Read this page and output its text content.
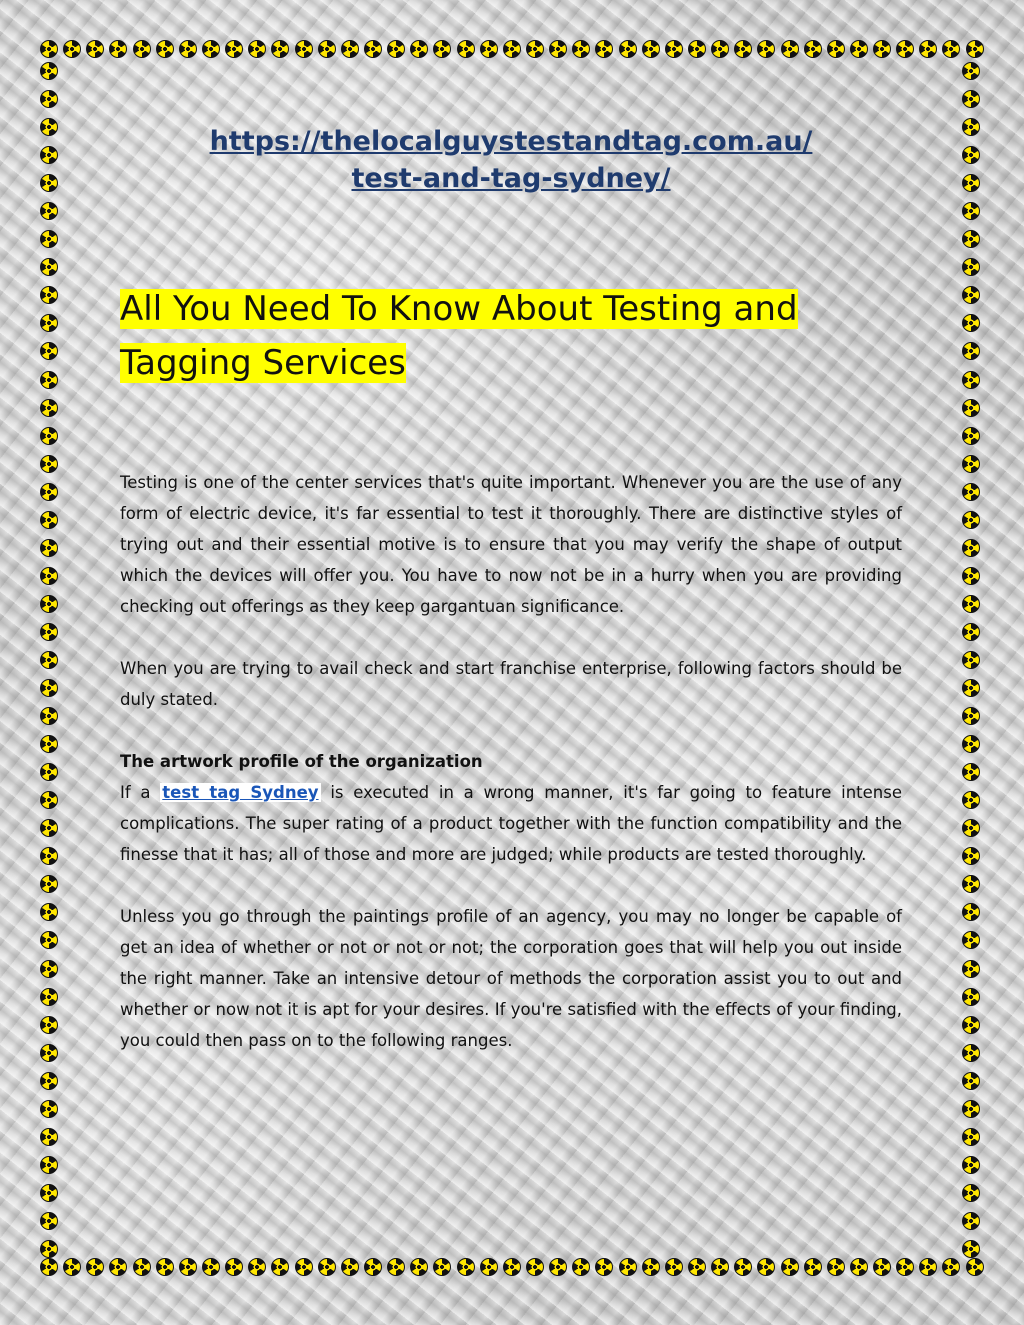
https://thelocalguystestandtag.com.au/
test-and-tag-sydney/
All You Need To Know About Testing and
Tagging Services

Testing is one of the center services that's quite important. Whenever you are the use of any form of electric device, it's far essential to test it thoroughly. There are distinctive styles of trying out and their essential motive is to ensure that you may verify the shape of output which the devices will offer you. You have to now not be in a hurry when you are providing checking out offerings as they keep gargantuan significance.

When you are trying to avail check and start franchise enterprise, following factors should be duly stated.

The artwork profile of the organization

If a test tag Sydney is executed in a wrong manner, it's far going to feature intense complications. The super rating of a product together with the function compatibility and the finesse that it has; all of those and more are judged; while products are tested thoroughly.

Unless you go through the paintings profile of an agency, you may no longer be capable of get an idea of whether or not or not or not; the corporation goes that will help you out inside the right manner. Take an intensive detour of methods the corporation assist you to out and whether or now not it is apt for your desires. If you're satisfied with the effects of your finding, you could then pass on to the following ranges.
